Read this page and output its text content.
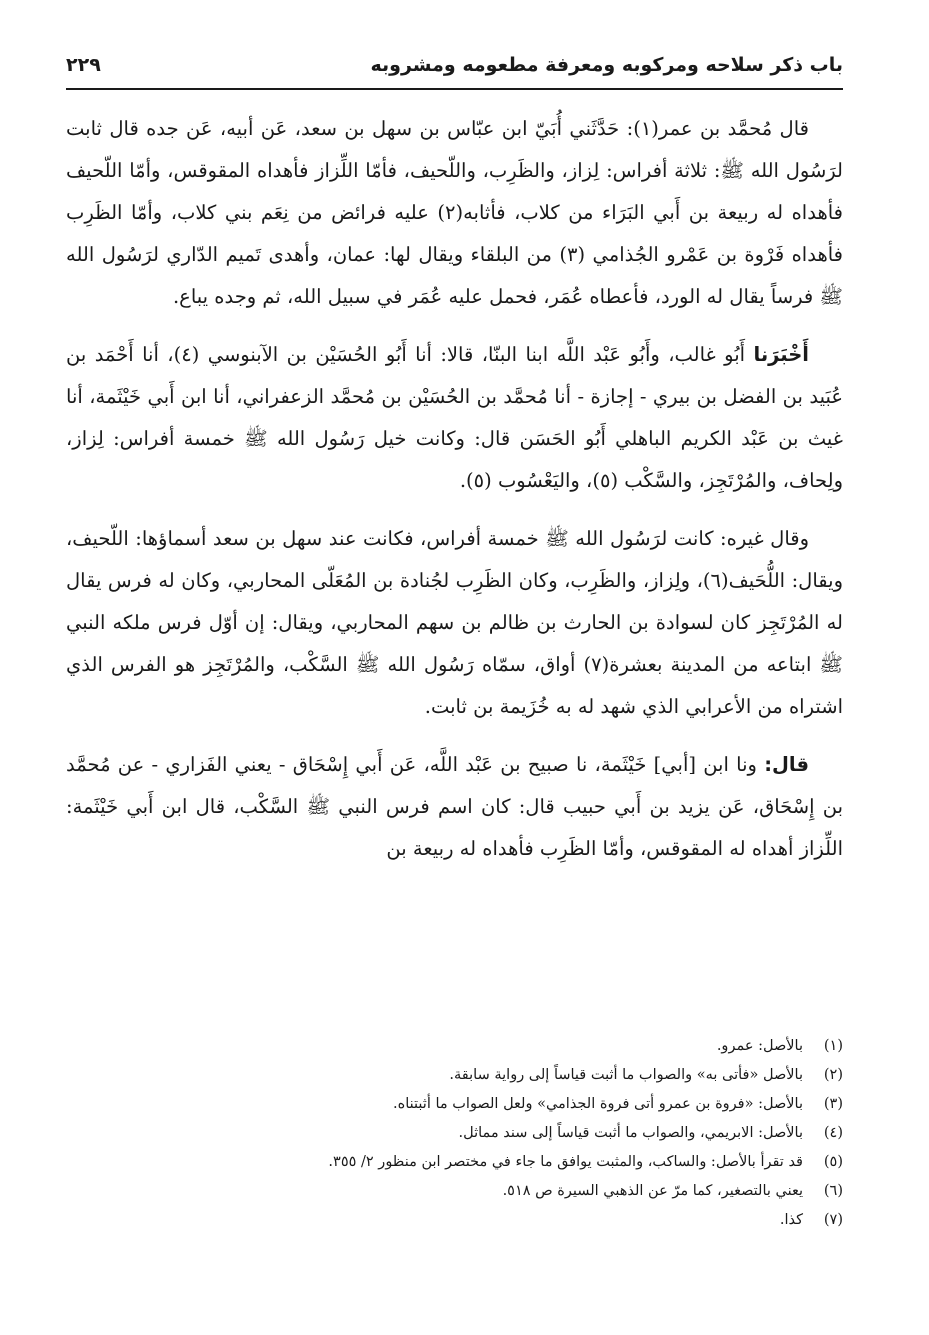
باب ذكر سلاحه ومركوبه ومعرفة مطعومه ومشروبه
٢٢٩

قال مُحمَّد بن عمر(١): حَدَّثَني أُبَيّ ابن عبّاس بن سهل بن سعد، عَن أبيه، عَن جده قال ثابت لرَسُول الله ﷺ: ثلاثة أفراس: لِزاز، والظَرِب، واللّحيف، فأمّا اللِّزاز فأهداه المقوقس، وأمّا اللّحيف فأهداه له ربيعة بن أَبي البَرَاء من كلاب، فأثابه(٢) عليه فرائض من نِعَم بني كلاب، وأمّا الظَرِب فأهداه فَرْوة بن عَمْرو الجُذامي (٣) من البلقاء ويقال لها: عمان، وأهدى تَميم الدّاري لرَسُول الله ﷺ فرساً يقال له الورد، فأعطاه عُمَر، فحمل عليه عُمَر في سبيل الله، ثم وجده يباع.

أَخْبَرَنا أَبُو غالب، وأَبُو عَبْد اللَّه ابنا البنّا، قالا: أنا أَبُو الحُسَيْن بن الآبنوسي (٤)، أنا أَحْمَد بن عُبَيد بن الفضل بن بيري - إجازة - أنا مُحمَّد بن الحُسَيْن بن مُحمَّد الزعفراني، أنا ابن أَبي خَيْثَمة، أنا غيث بن عَبْد الكريم الباهلي أَبُو الحَسَن قال: وكانت خيل رَسُول الله ﷺ خمسة أفراس: لِزاز، ولِحاف، والمُرْتَجِز، والسَّكْب (٥)، واليَعْسُوب (٥).

وقال غيره: كانت لرَسُول الله ﷺ خمسة أفراس، فكانت عند سهل بن سعد أسماؤها: اللّحيف، ويقال: اللُّحَيف(٦)، ولِزاز، والظَرِب، وكان الظَرِب لجُنادة بن المُعَلّى المحاربي، وكان له فرس يقال له المُرْتَجِز كان لسوادة بن الحارث بن ظالم بن سهم المحاربي، ويقال: إن أوّل فرس ملكه النبي ﷺ ابتاعه من المدينة بعشرة(٧) أواق، سمّاه رَسُول الله ﷺ السَّكْب، والمُرْتَجِز هو الفرس الذي اشتراه من الأعرابي الذي شهد له به خُزَيمة بن ثابت.

قال: ونا ابن [أبي] خَيْثَمة، نا صبيح بن عَبْد اللَّه، عَن أَبي إِسْحَاق - يعني الفَزاري - عن مُحمَّد بن إِسْحَاق، عَن يزيد بن أَبي حبيب قال: كان اسم فرس النبي ﷺ السَّكْب، قال ابن أَبي خَيْثَمة: اللِّزاز أهداه له المقوقس، وأمّا الظَرِب فأهداه له ربيعة بن

(١)بالأصل: عمرو.
(٢)بالأصل «فأتى به» والصواب ما أثبت قياساً إلى رواية سابقة.
(٣)بالأصل: «فروة بن عمرو أتى فروة الجذامي» ولعل الصواب ما أثبتناه.
(٤)بالأصل: الابريمي، والصواب ما أثبت قياساً إلى سند مماثل.
(٥)قد تقرأ بالأصل: والساكب، والمثبت يوافق ما جاء في مختصر ابن منظور ٢/ ٣٥٥.
(٦)يعني بالتصغير، كما مرّ عن الذهبي السيرة ص ٥١٨.
(٧)كذا.
